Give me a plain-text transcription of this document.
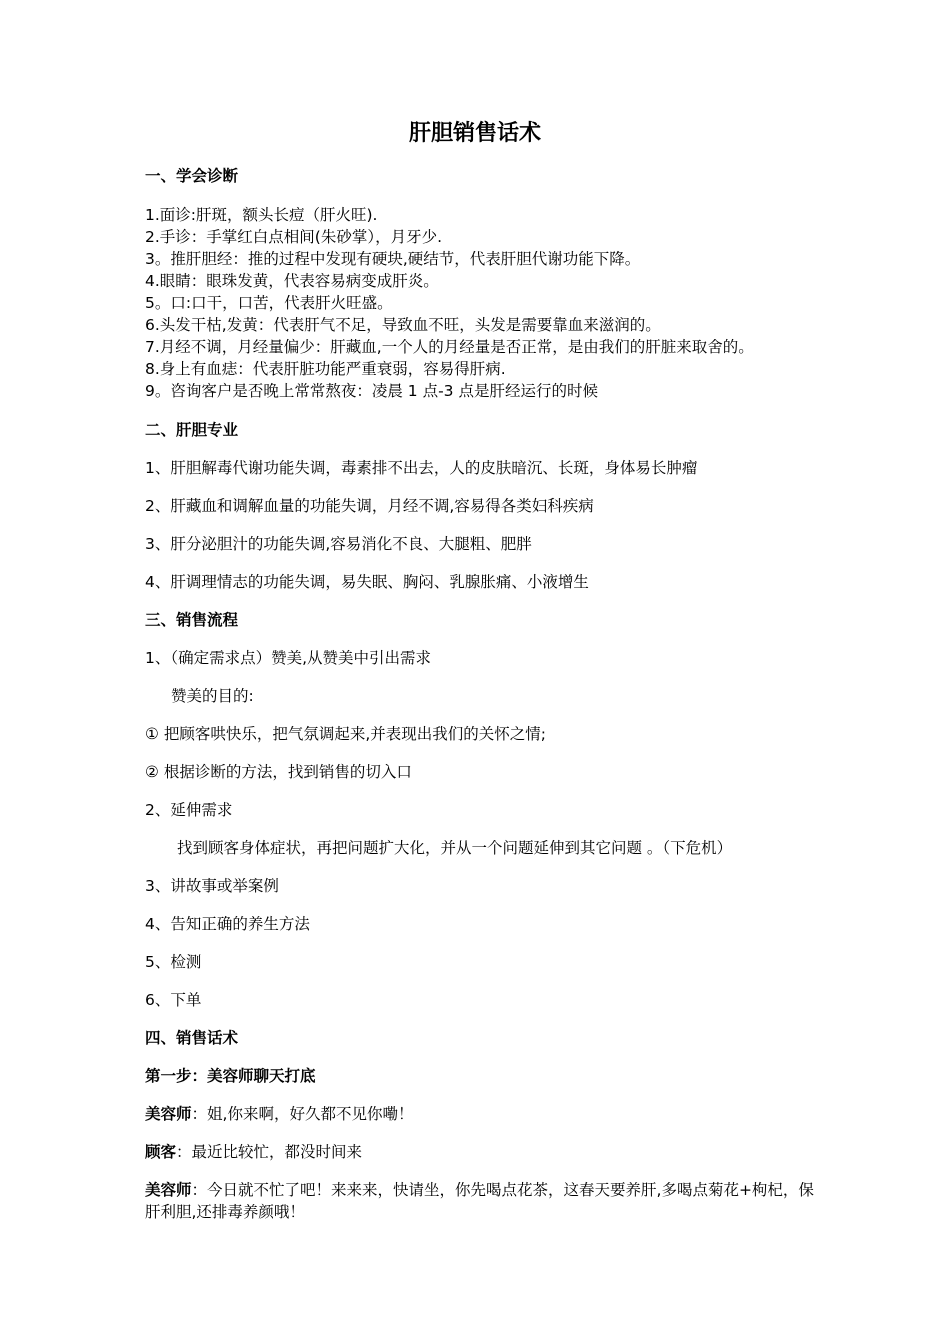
肝胆销售话术
一、学会诊断
1.面诊:肝斑，额头长痘（肝火旺).
2.手诊：手掌红白点相间(朱砂掌），月牙少.
3。推肝胆经：推的过程中发现有硬块,硬结节，代表肝胆代谢功能下降。
4.眼睛：眼珠发黄，代表容易病变成肝炎。
5。口:口干，口苦，代表肝火旺盛。
6.头发干枯,发黄：代表肝气不足，导致血不旺，头发是需要靠血来滋润的。
7.月经不调，月经量偏少：肝藏血,一个人的月经量是否正常，是由我们的肝脏来取舍的。
8.身上有血痣：代表肝脏功能严重衰弱，容易得肝病.
9。咨询客户是否晚上常常熬夜：凌晨 1 点-3 点是肝经运行的时候
二、肝胆专业
1、肝胆解毒代谢功能失调，毒素排不出去，人的皮肤暗沉、长斑，身体易长肿瘤
2、肝藏血和调解血量的功能失调，月经不调,容易得各类妇科疾病
3、肝分泌胆汁的功能失调,容易消化不良、大腿粗、肥胖
4、肝调理情志的功能失调，易失眠、胸闷、乳腺胀痛、小液增生
三、销售流程
1、（确定需求点）赞美,从赞美中引出需求
赞美的目的:
① 把顾客哄快乐，把气氛调起来,并表现出我们的关怀之情;
② 根据诊断的方法，找到销售的切入口
2、延伸需求
找到顾客身体症状，再把问题扩大化，并从一个问题延伸到其它问题 。（下危机）
3、讲故事或举案例
4、告知正确的养生方法
5、检测
6、下单
四、销售话术
第一步：美容师聊天打底
美容师：姐,你来啊，好久都不见你嘞！
顾客：最近比较忙，都没时间来
美容师：今日就不忙了吧！来来来，快请坐，你先喝点花茶，这春天要养肝,多喝点菊花+枸杞，保肝利胆,还排毒养颜哦！
